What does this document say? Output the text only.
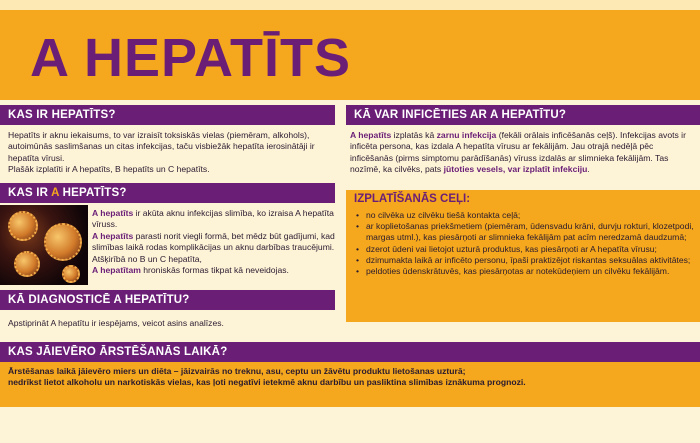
A HEPATĪTS
KAS IR HEPATĪTS?
Hepatīts ir aknu iekaisums, to var izraisīt toksiskās vielas (piemēram, alkohols), autoimūnās saslimšanas un citas infekcijas, taču visbiežāk hepatīta ierosinātāji ir hepatīta vīrusi.
Plašāk izplatīti ir A hepatīts, B hepatīts un C hepatīts.
KAS IR A HEPATĪTS?
A hepatīts ir akūta aknu infekcijas slimība, ko izraisa A hepatīta vīruss.
A hepatīts parasti norit viegli formā, bet mēdz būt gadījumi, kad slimības laikā rodas komplikācijas un aknu darbības traucējumi.
Atšķirībā no B un C hepatīta,
A hepatītam hroniskās formas tikpat kā neveidojas.
KĀ DIAGNOSTICĒ A HEPATĪTU?
Apstiprināt A hepatītu ir iespējams, veicot asins analīzes.
KĀ VAR INFICĒTIES AR A HEPATĪTU?
A hepatīts izplatās kā zarnu infekcija (fekāli orālais inficēšanās ceļš). Infekcijas avots ir inficēta persona, kas izdala A hepatīta vīrusu ar fekālijām. Jau otrajā nedēļā pēc inficēšanās (pirms simptomu parādīšanās) vīruss izdalās ar slimnieka fekālijām. Tas nozīmē, ka cilvēks, pats jūtoties vesels, var izplatīt infekciju.
IZPLATĪŠANĀS CEĻI:
• no cilvēka uz cilvēku tiešā kontakta ceļā;
• ar koplietošanas priekšmetiem (piemēram, ūdensvadu krāni, durvju rokturi, klozetpodi, margas utml.), kas piesārņoti ar slimnieka fekālijām pat acīm neredzamā daudzumā;
• dzerot ūdeni vai lietojot uzturā produktus, kas piesārņoti ar A hepatīta vīrusu;
• dzimumakta laikā ar inficēto personu, īpaši praktizējot riskantas seksuālas aktivitātes;
• peldoties ūdenskrātuvēs, kas piesārņotas ar notekūdeņiem un cilvēku fekālijām.
KAS JĀIEVĒRO ĀRSTĒŠANĀS LAIKĀ?
Ārstēšanas laikā jāievēro miers un diēta – jāizvairās no treknu, asu, ceptu un žāvētu produktu lietošanas uzturā;
nedrīkst lietot alkoholu un narkotiskās vielas, kas ļoti negatīvi ietekmē aknu darbību un pasliktina slimības iznākuma prognozi.
